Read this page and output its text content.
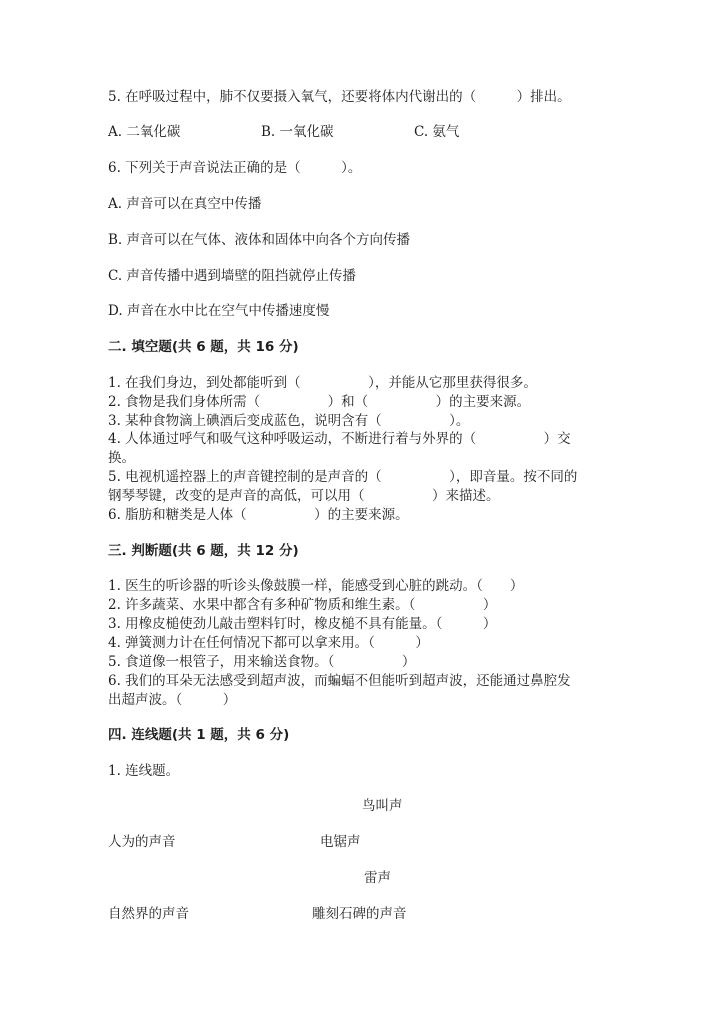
5. 在呼吸过程中，肺不仅要摄入氧气，还要将体内代谢出的（　　　）排出。
A. 二氧化碳	B. 一氧化碳	C. 氨气
6. 下列关于声音说法正确的是（　　　）。
A. 声音可以在真空中传播
B. 声音可以在气体、液体和固体中向各个方向传播
C. 声音传播中遇到墙壁的阻挡就停止传播
D. 声音在水中比在空气中传播速度慢
二. 填空题(共 6 题，共 16 分)
1. 在我们身边，到处都能听到（　　　　　），并能从它那里获得很多。
2. 食物是我们身体所需（　　　　　）和（　　　　　）的主要来源。
3. 某种食物滴上碘酒后变成蓝色，说明含有（　　　　　）。
4. 人体通过呼气和吸气这种呼吸运动，不断进行着与外界的（　　　　　）交
换。
5. 电视机遥控器上的声音键控制的是声音的（　　　　　），即音量。按不同的
钢琴琴键，改变的是声音的高低，可以用（　　　　　）来描述。
6. 脂肪和糖类是人体（　　　　　）的主要来源。
三. 判断题(共 6 题，共 12 分)
1. 医生的听诊器的听诊头像鼓膜一样，能感受到心脏的跳动。（　　）
2. 许多蔬菜、水果中都含有多种矿物质和维生素。（　　　　　）
3. 用橡皮槌使劲儿敲击塑料钉时，橡皮槌不具有能量。（　　　）
4. 弹簧测力计在任何情况下都可以拿来用。（　　　）
5. 食道像一根管子，用来输送食物。（　　　　　）
6. 我们的耳朵无法感受到超声波，而蝙蝠不但能听到超声波，还能通过鼻腔发
出超声波。（　　　）
四. 连线题(共 1 题，共 6 分)
1. 连线题。
鸟叫声
人为的声音	电锯声
雷声
自然界的声音	雕刻石碑的声音
